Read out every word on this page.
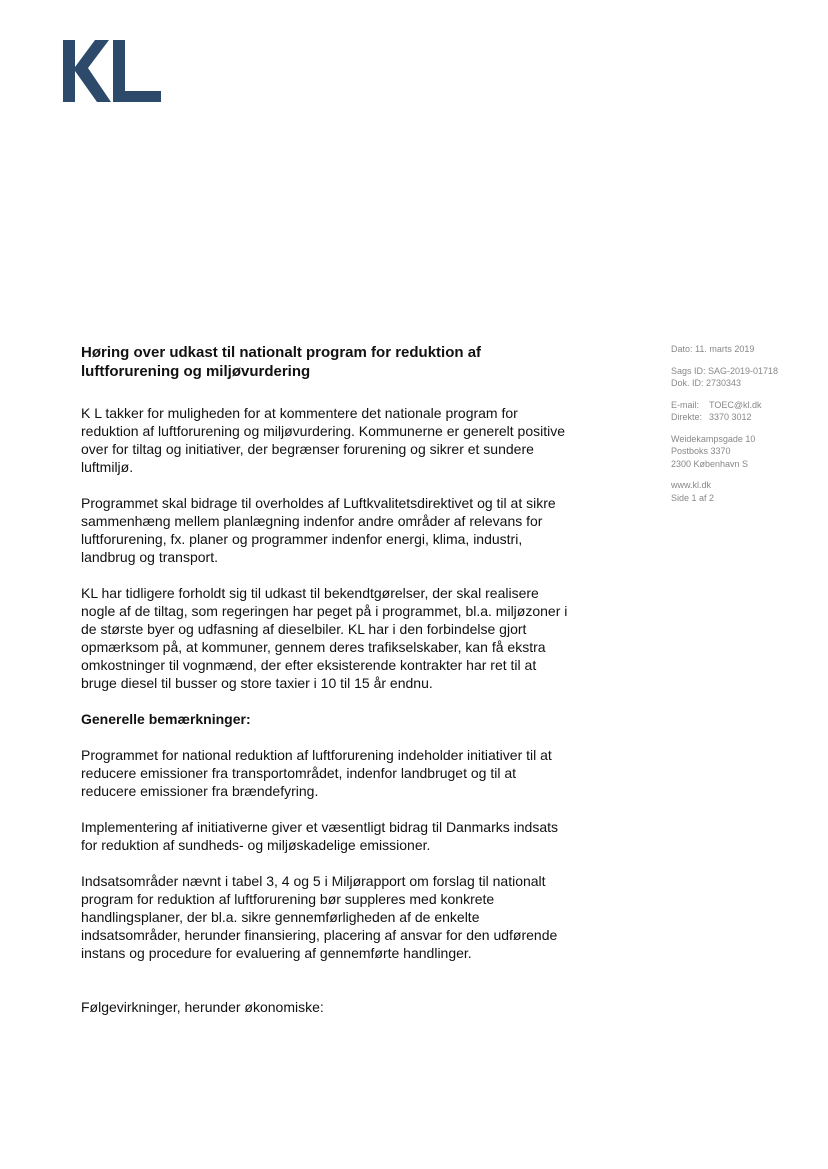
Høring over udkast til nationalt program for reduktion af luftforurening og miljøvurdering

K L takker for muligheden for at kommentere det nationale program for reduktion af luftforurening og miljøvurdering. Kommunerne er generelt positive over for tiltag og initiativer, der begrænser forurening og sikrer et sundere luftmiljø.

Programmet skal bidrage til overholdes af Luftkvalitetsdirektivet og til at sikre sammenhæng mellem planlægning indenfor andre områder af relevans for luftforurening, fx. planer og programmer indenfor energi, klima, industri, landbrug og transport.

KL har tidligere forholdt sig til udkast til bekendtgørelser, der skal realisere nogle af de tiltag, som regeringen har peget på i programmet, bl.a. miljøzoner i de største byer og udfasning af dieselbiler. KL har i den forbindelse gjort opmærksom på, at kommuner, gennem deres trafikselskaber, kan få ekstra omkostninger til vognmænd, der efter eksisterende kontrakter har ret til at bruge diesel til busser og store taxier i 10 til 15 år endnu.

Generelle bemærkninger:

Programmet for national reduktion af luftforurening indeholder initiativer til at reducere emissioner fra transportområdet, indenfor landbruget og til at reducere emissioner fra brændefyring.

Implementering af initiativerne giver et væsentligt bidrag til Danmarks indsats for reduktion af sundheds- og miljøskadelige emissioner.

Indsatsområder nævnt i tabel 3, 4 og 5 i Miljørapport om forslag til nationalt program for reduktion af luftforurening bør suppleres med konkrete handlingsplaner, der bl.a. sikre gennemførligheden af de enkelte indsatsområder, herunder finansiering, placering af ansvar for den udførende instans og procedure for evaluering af gennemførte handlinger.

Følgevirkninger, herunder økonomiske:

Dato: 11. marts 2019
Sags ID: SAG-2019-01718
Dok. ID: 2730343
E-mail:	TOEC@kl.dk
Direkte: 3370 3012
Weidekampsgade 10
Postboks 3370
2300 København S
www.kl.dk
Side 1 af 2
